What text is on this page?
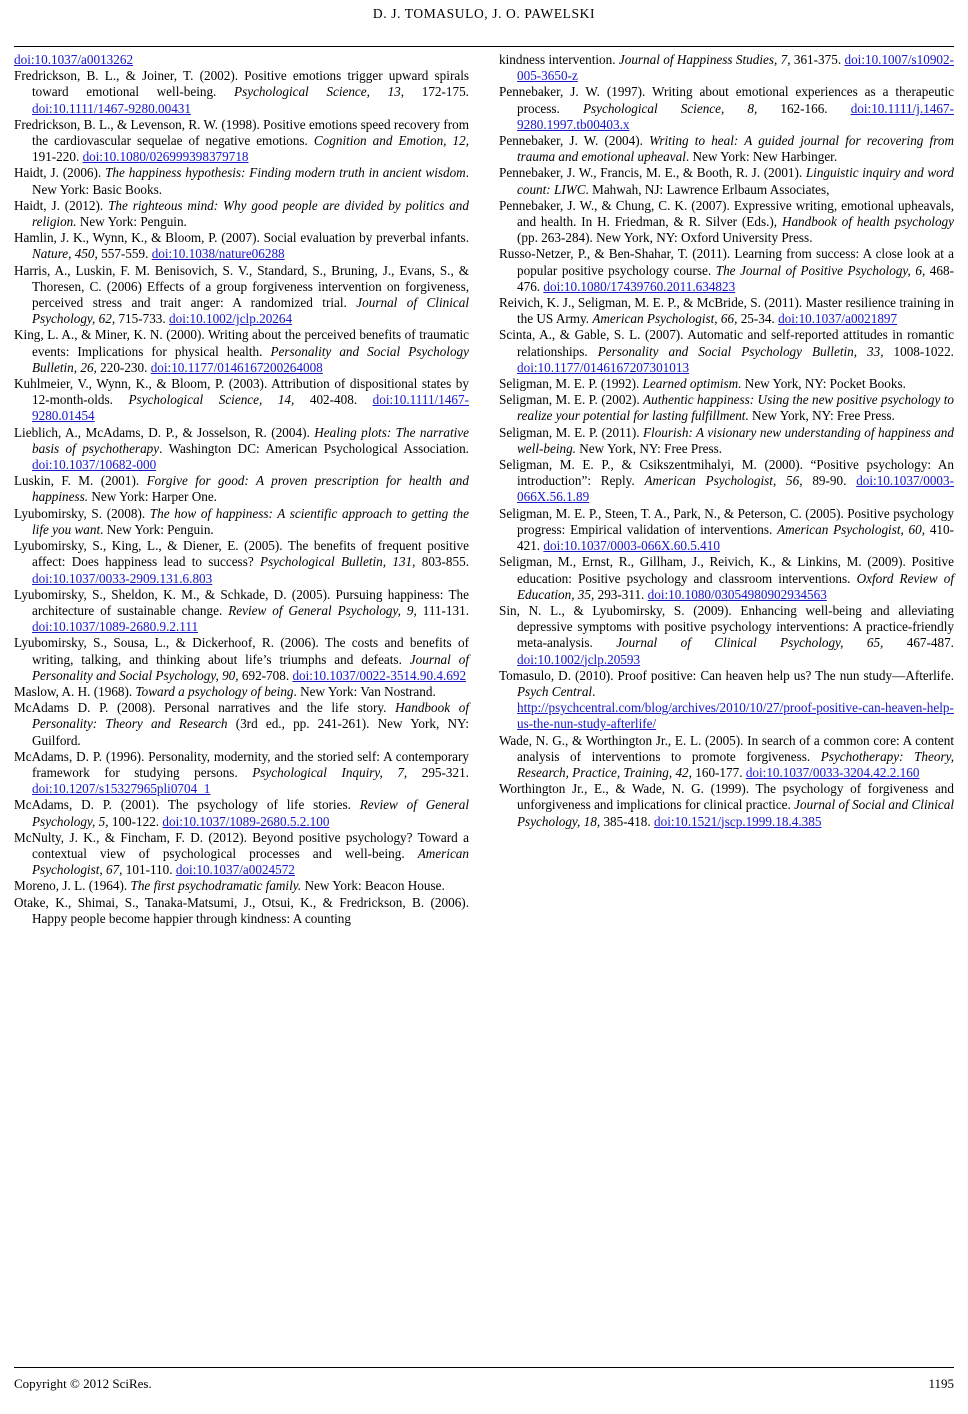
D. J. TOMASULO, J. O. PAWELSKI

doi:10.1037/a0013262

Fredrickson, B. L., & Joiner, T. (2002). Positive emotions trigger upward spirals toward emotional well-being. Psychological Science, 13, 172-175. doi:10.1111/1467-9280.00431

Fredrickson, B. L., & Levenson, R. W. (1998). Positive emotions speed recovery from the cardiovascular sequelae of negative emotions. Cognition and Emotion, 12, 191-220. doi:10.1080/026999398379718

Haidt, J. (2006). The happiness hypothesis: Finding modern truth in ancient wisdom. New York: Basic Books.

Haidt, J. (2012). The righteous mind: Why good people are divided by politics and religion. New York: Penguin.

Hamlin, J. K., Wynn, K., & Bloom, P. (2007). Social evaluation by preverbal infants. Nature, 450, 557-559. doi:10.1038/nature06288

Harris, A., Luskin, F. M. Benisovich, S. V., Standard, S., Bruning, J., Evans, S., & Thoresen, C. (2006) Effects of a group forgiveness intervention on forgiveness, perceived stress and trait anger: A randomized trial. Journal of Clinical Psychology, 62, 715-733. doi:10.1002/jclp.20264

King, L. A., & Miner, K. N. (2000). Writing about the perceived benefits of traumatic events: Implications for physical health. Personality and Social Psychology Bulletin, 26, 220-230. doi:10.1177/0146167200264008

Kuhlmeier, V., Wynn, K., & Bloom, P. (2003). Attribution of dispositional states by 12-month-olds. Psychological Science, 14, 402-408. doi:10.1111/1467-9280.01454

Lieblich, A., McAdams, D. P., & Josselson, R. (2004). Healing plots: The narrative basis of psychotherapy. Washington DC: American Psychological Association. doi:10.1037/10682-000

Luskin, F. M. (2001). Forgive for good: A proven prescription for health and happiness. New York: Harper One.

Lyubomirsky, S. (2008). The how of happiness: A scientific approach to getting the life you want. New York: Penguin.

Lyubomirsky, S., King, L., & Diener, E. (2005). The benefits of frequent positive affect: Does happiness lead to success? Psychological Bulletin, 131, 803-855. doi:10.1037/0033-2909.131.6.803

Lyubomirsky, S., Sheldon, K. M., & Schkade, D. (2005). Pursuing happiness: The architecture of sustainable change. Review of General Psychology, 9, 111-131. doi:10.1037/1089-2680.9.2.111

Lyubomirsky, S., Sousa, L., & Dickerhoof, R. (2006). The costs and benefits of writing, talking, and thinking about life’s triumphs and defeats. Journal of Personality and Social Psychology, 90, 692-708. doi:10.1037/0022-3514.90.4.692

Maslow, A. H. (1968). Toward a psychology of being. New York: Van Nostrand.

McAdams D. P. (2008). Personal narratives and the life story. Handbook of Personality: Theory and Research (3rd ed., pp. 241-261). New York, NY: Guilford.

McAdams, D. P. (1996). Personality, modernity, and the storied self: A contemporary framework for studying persons. Psychological Inquiry, 7, 295-321. doi:10.1207/s15327965pli0704_1

McAdams, D. P. (2001). The psychology of life stories. Review of General Psychology, 5, 100-122. doi:10.1037/1089-2680.5.2.100

McNulty, J. K., & Fincham, F. D. (2012). Beyond positive psychology? Toward a contextual view of psychological processes and well-being. American Psychologist, 67, 101-110. doi:10.1037/a0024572

Moreno, J. L. (1964). The first psychodramatic family. New York: Beacon House.

Otake, K., Shimai, S., Tanaka-Matsumi, J., Otsui, K., & Fredrickson, B. (2006). Happy people become happier through kindness: A counting

kindness intervention. Journal of Happiness Studies, 7, 361-375. doi:10.1007/s10902-005-3650-z

Pennebaker, J. W. (1997). Writing about emotional experiences as a therapeutic process. Psychological Science, 8, 162-166. doi:10.1111/j.1467-9280.1997.tb00403.x

Pennebaker, J. W. (2004). Writing to heal: A guided journal for recovering from trauma and emotional upheaval. New York: New Harbinger.

Pennebaker, J. W., Francis, M. E., & Booth, R. J. (2001). Linguistic inquiry and word count: LIWC. Mahwah, NJ: Lawrence Erlbaum Associates,

Pennebaker, J. W., & Chung, C. K. (2007). Expressive writing, emotional upheavals, and health. In H. Friedman, & R. Silver (Eds.), Handbook of health psychology (pp. 263-284). New York, NY: Oxford University Press.

Russo-Netzer, P., & Ben-Shahar, T. (2011). Learning from success: A close look at a popular positive psychology course. The Journal of Positive Psychology, 6, 468-476. doi:10.1080/17439760.2011.634823

Reivich, K. J., Seligman, M. E. P., & McBride, S. (2011). Master resilience training in the US Army. American Psychologist, 66, 25-34. doi:10.1037/a0021897

Scinta, A., & Gable, S. L. (2007). Automatic and self-reported attitudes in romantic relationships. Personality and Social Psychology Bulletin, 33, 1008-1022. doi:10.1177/0146167207301013

Seligman, M. E. P. (1992). Learned optimism. New York, NY: Pocket Books.

Seligman, M. E. P. (2002). Authentic happiness: Using the new positive psychology to realize your potential for lasting fulfillment. New York, NY: Free Press.

Seligman, M. E. P. (2011). Flourish: A visionary new understanding of happiness and well-being. New York, NY: Free Press.

Seligman, M. E. P., & Csikszentmihalyi, M. (2000). “Positive psychology: An introduction”: Reply. American Psychologist, 56, 89-90. doi:10.1037/0003-066X.56.1.89

Seligman, M. E. P., Steen, T. A., Park, N., & Peterson, C. (2005). Positive psychology progress: Empirical validation of interventions. American Psychologist, 60, 410-421. doi:10.1037/0003-066X.60.5.410

Seligman, M., Ernst, R., Gillham, J., Reivich, K., & Linkins, M. (2009). Positive education: Positive psychology and classroom interventions. Oxford Review of Education, 35, 293-311. doi:10.1080/03054980902934563

Sin, N. L., & Lyubomirsky, S. (2009). Enhancing well-being and alleviating depressive symptoms with positive psychology interventions: A practice-friendly meta-analysis. Journal of Clinical Psychology, 65, 467-487. doi:10.1002/jclp.20593

Tomasulo, D. (2010). Proof positive: Can heaven help us? The nun study—Afterlife. Psych Central.
http://psychcentral.com/blog/archives/2010/10/27/proof-positive-can-heaven-help-us-the-nun-study-afterlife/

Wade, N. G., & Worthington Jr., E. L. (2005). In search of a common core: A content analysis of interventions to promote forgiveness. Psychotherapy: Theory, Research, Practice, Training, 42, 160-177. doi:10.1037/0033-3204.42.2.160

Worthington Jr., E., & Wade, N. G. (1999). The psychology of forgiveness and unforgiveness and implications for clinical practice. Journal of Social and Clinical Psychology, 18, 385-418. doi:10.1521/jscp.1999.18.4.385

Copyright © 2012 SciRes.	1195
